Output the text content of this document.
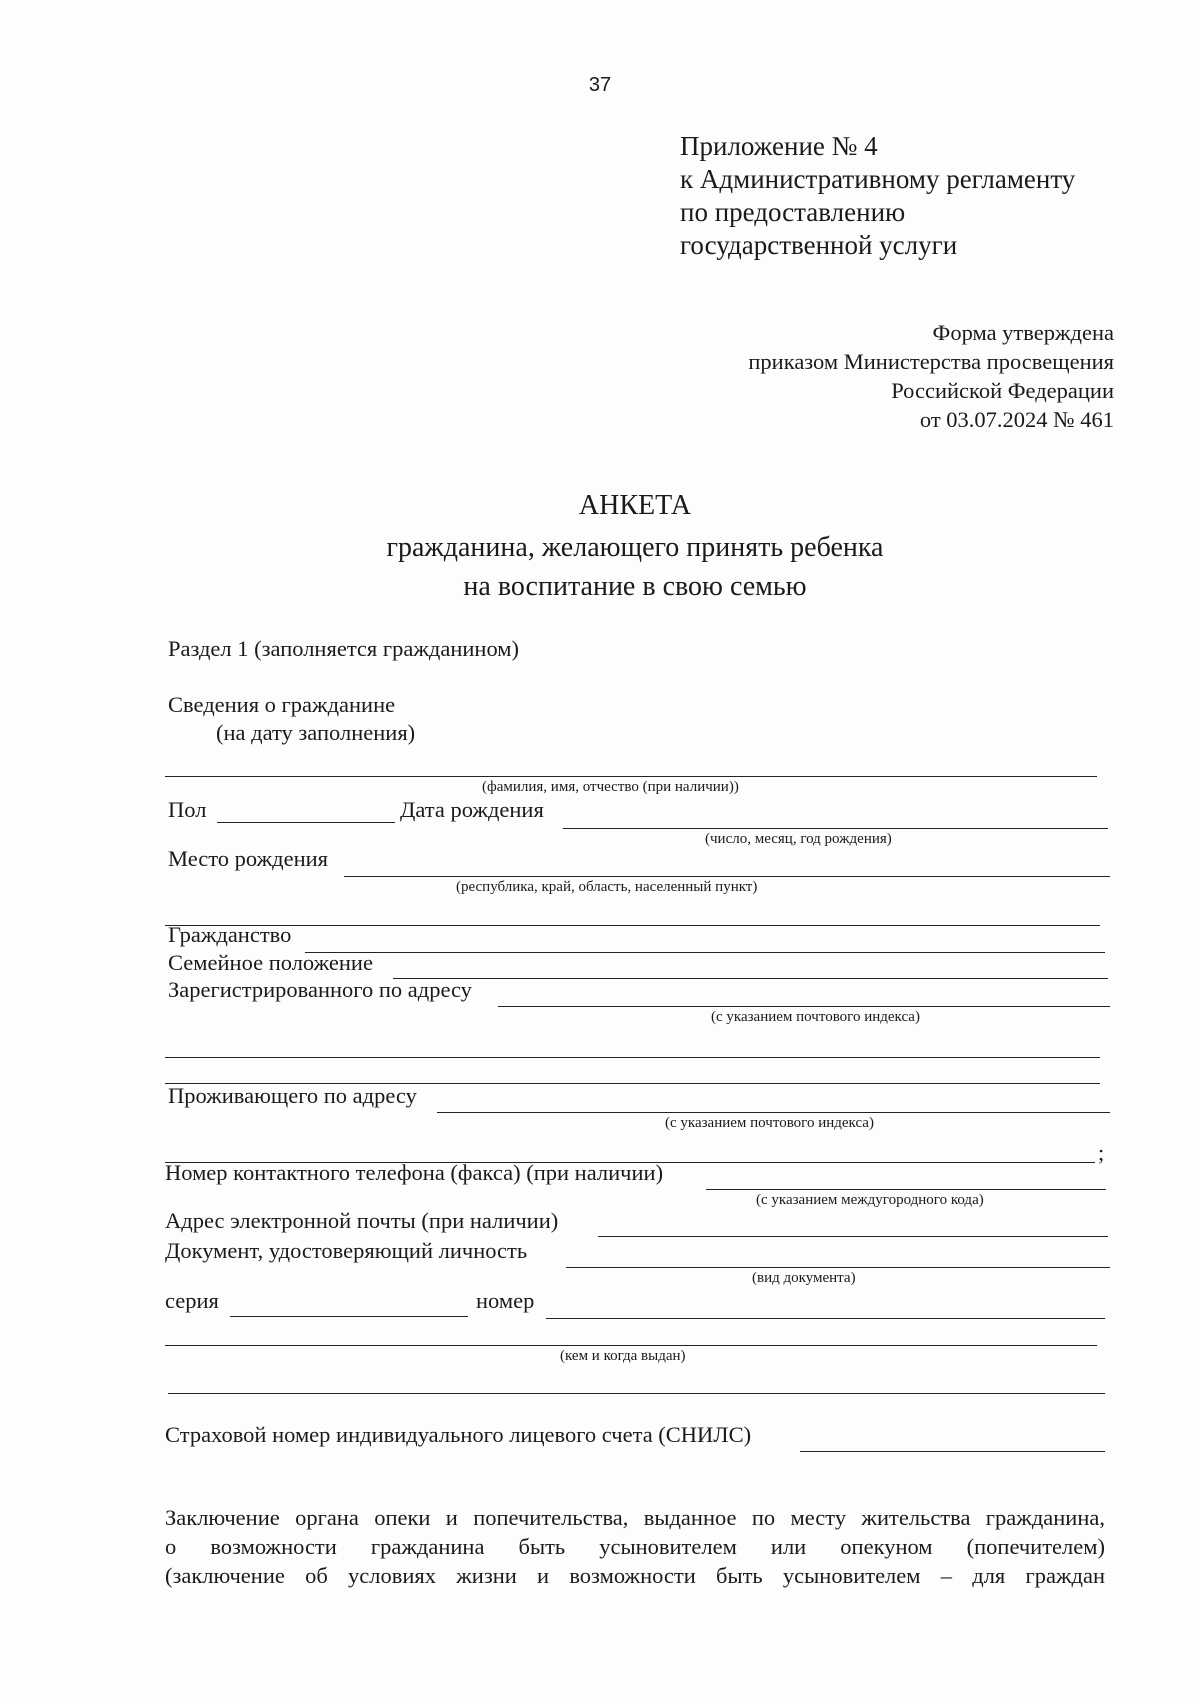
37
Приложение № 4
к Административному регламенту
по предоставлению
государственной услуги
Форма утверждена
приказом Министерства просвещения
Российской Федерации
от 03.07.2024 № 461
АНКЕТА
гражданина, желающего принять ребенка
на воспитание в свою семью
Раздел 1 (заполняется гражданином)
Сведения о гражданине
(на дату заполнения)
(фамилия, имя, отчество (при наличии))
Пол	Дата рождения
(число, месяц, год рождения)
Место рождения
(республика, край, область, населенный пункт)
Гражданство
Семейное положение
Зарегистрированного по адресу
(с указанием почтового индекса)
Проживающего по адресу
(с указанием почтового индекса)
;
Номер контактного телефона (факса) (при наличии)
(с указанием междугородного кода)
Адрес электронной почты (при наличии)
Документ, удостоверяющий личность
(вид документа)
серия	номер
(кем и когда выдан)
Страховой номер индивидуального лицевого счета (СНИЛС)
Заключение органа опеки и попечительства, выданное по месту жительства гражданина,
о возможности гражданина быть усыновителем или опекуном (попечителем)
(заключение об условиях жизни и возможности быть усыновителем – для граждан
